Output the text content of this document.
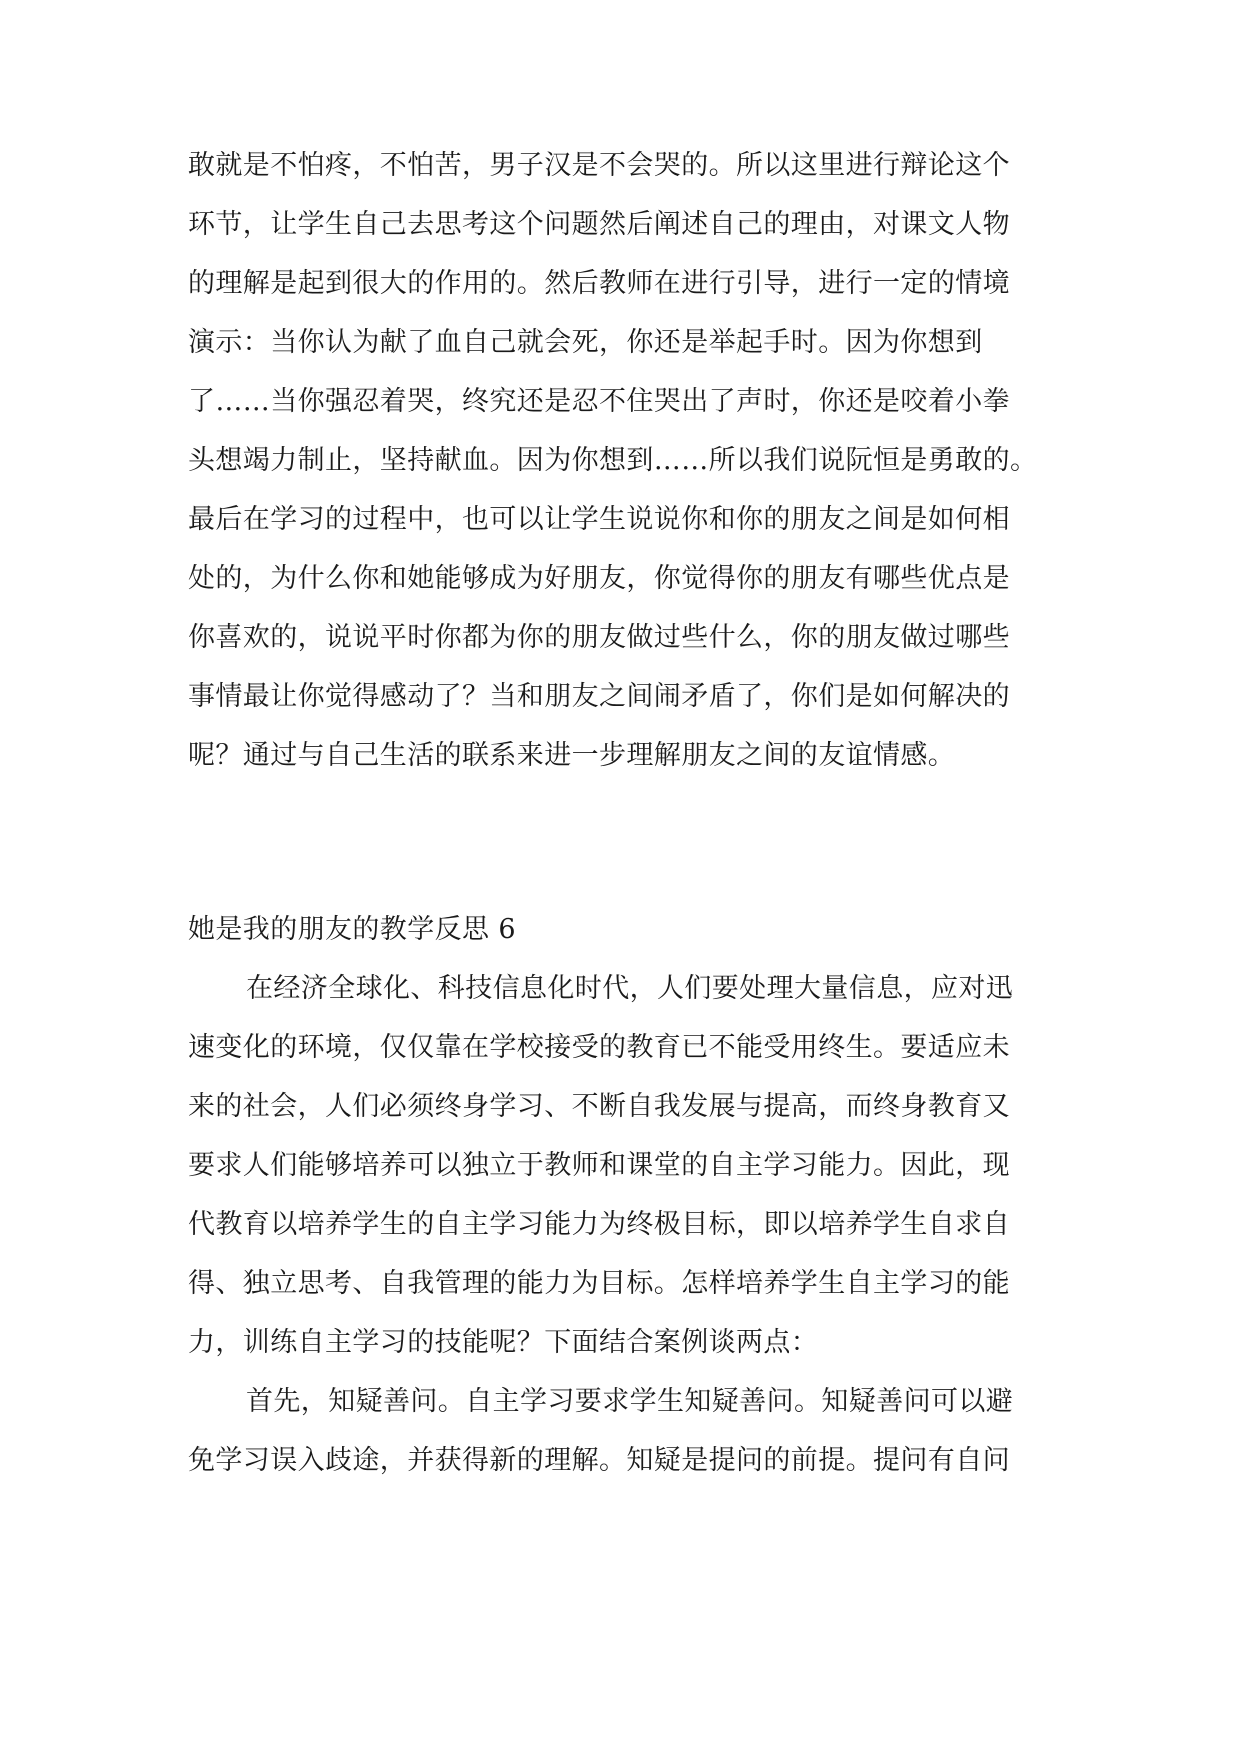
敢就是不怕疼，不怕苦，男子汉是不会哭的。所以这里进行辩论这个
环节，让学生自己去思考这个问题然后阐述自己的理由，对课文人物
的理解是起到很大的作用的。然后教师在进行引导，进行一定的情境
演示：当你认为献了血自己就会死，你还是举起手时。因为你想到
了……当你强忍着哭，终究还是忍不住哭出了声时，你还是咬着小拳
头想竭力制止，坚持献血。因为你想到……所以我们说阮恒是勇敢的。
最后在学习的过程中，也可以让学生说说你和你的朋友之间是如何相
处的，为什么你和她能够成为好朋友，你觉得你的朋友有哪些优点是
你喜欢的，说说平时你都为你的朋友做过些什么，你的朋友做过哪些
事情最让你觉得感动了？当和朋友之间闹矛盾了，你们是如何解决的
呢？通过与自己生活的联系来进一步理解朋友之间的友谊情感。
她是我的朋友的教学反思 6
在经济全球化、科技信息化时代，人们要处理大量信息，应对迅
速变化的环境，仅仅靠在学校接受的教育已不能受用终生。要适应未
来的社会，人们必须终身学习、不断自我发展与提高，而终身教育又
要求人们能够培养可以独立于教师和课堂的自主学习能力。因此，现
代教育以培养学生的自主学习能力为终极目标，即以培养学生自求自
得、独立思考、自我管理的能力为目标。怎样培养学生自主学习的能
力，训练自主学习的技能呢？下面结合案例谈两点：
首先，知疑善问。自主学习要求学生知疑善问。知疑善问可以避
免学习误入歧途，并获得新的理解。知疑是提问的前提。提问有自问
